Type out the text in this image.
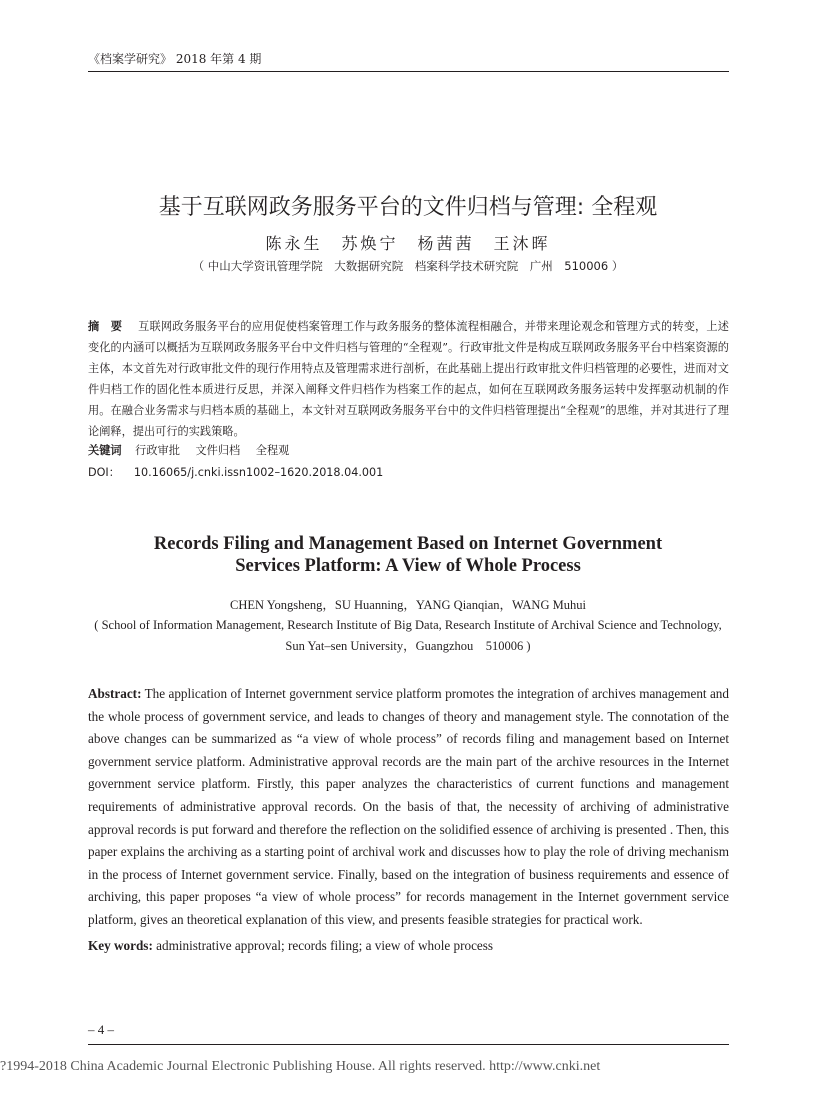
《档案学研究》 2018 年第 4 期
基于互联网政务服务平台的文件归档与管理: 全程观
陈永生　苏焕宁　杨茜茜　王沐晖
（ 中山大学资讯管理学院　大数据研究院　档案科学技术研究院　广州　510006 ）
摘　要 互联网政务服务平台的应用促使档案管理工作与政务服务的整体流程相融合，并带来理论观念和管理方式的转变，上述变化的内涵可以概括为互联网政务服务平台中文件归档与管理的“全程观”。行政审批文件是构成互联网政务服务平台中档案资源的主体，本文首先对行政审批文件的现行作用特点及管理需求进行剖析，在此基础上提出行政审批文件归档管理的必要性，进而对文件归档工作的固化性本质进行反思，并深入阐释文件归档作为档案工作的起点，如何在互联网政务服务运转中发挥驱动机制的作用。在融合业务需求与归档本质的基础上，本文针对互联网政务服务平台中的文件归档管理提出“全程观”的思维，并对其进行了理论阐释，提出可行的实践策略。
关键词 行政审批 文件归档 全程观
DOI： 10.16065/j.cnki.issn1002–1620.2018.04.001
Records Filing and Management Based on Internet Government
Services Platform: A View of Whole Process
CHEN Yongsheng，SU Huanning，YANG Qianqian，WANG Muhui
( School of Information Management, Research Institute of Big Data, Research Institute of Archival Science and Technology,
Sun Yat–sen University，Guangzhou　510006 )
Abstract: The application of Internet government service platform promotes the integration of archives management and the whole process of government service, and leads to changes of theory and management style. The connotation of the above changes can be summarized as “a view of whole process” of records filing and management based on Internet government service platform. Administrative approval records are the main part of the archive resources in the Internet government service platform. Firstly, this paper analyzes the characteristics of current functions and management requirements of administrative approval records. On the basis of that, the necessity of archiving of administrative approval records is put forward and therefore the reflection on the solidified essence of archiving is presented . Then, this paper explains the archiving as a starting point of archival work and discusses how to play the role of driving mechanism in the process of Internet government service. Finally, based on the integration of business requirements and essence of archiving, this paper proposes “a view of whole process” for records management in the Internet government service platform, gives an theoretical explanation of this view, and presents feasible strategies for practical work.
Key words: administrative approval; records filing; a view of whole process
– 4 –
?1994-2018 China Academic Journal Electronic Publishing House. All rights reserved. http://www.cnki.net
